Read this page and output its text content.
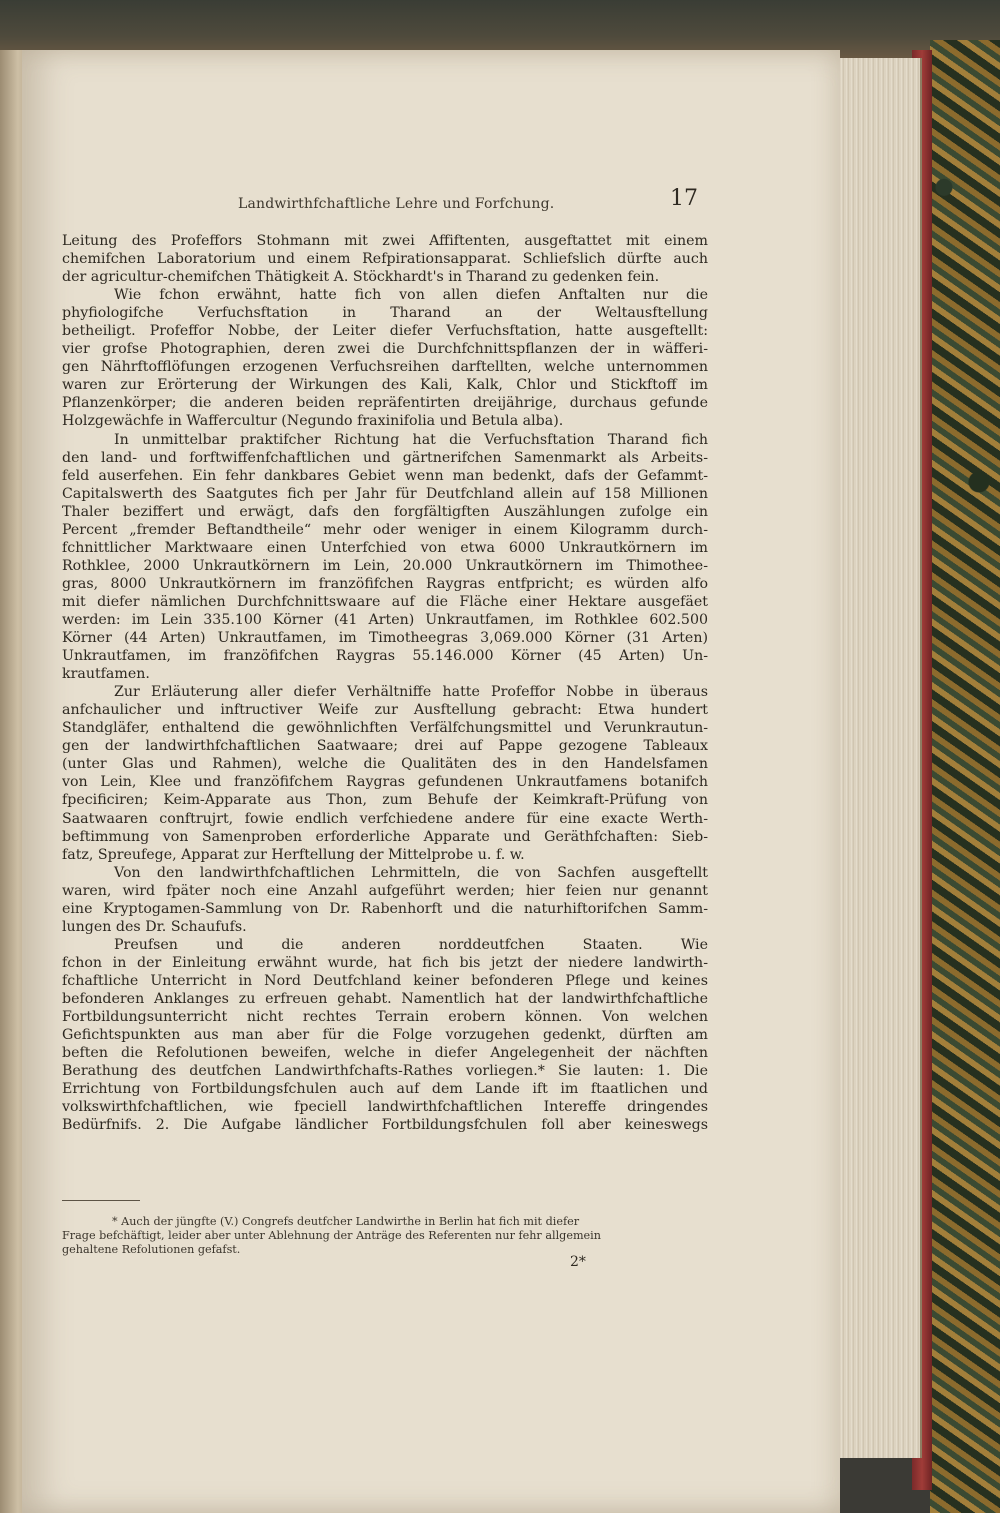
Landwirthfchaftliche Lehre und Forfchung.	17
Leitung des Profeffors Stohmann mit zwei Affiftenten, ausgeftattet mit einem
chemifchen Laboratorium und einem Refpirationsapparat. Schliefslich dürfte auch
der agricultur-chemifchen Thätigkeit A. Stöckhardt's in Tharand zu gedenken fein.
Wie fchon erwähnt, hatte fich von allen diefen Anftalten nur die
phyfiologifche Verfuchsftation in Tharand an der Weltausftellung
betheiligt. Profeffor Nobbe, der Leiter diefer Verfuchsftation, hatte ausgeftellt:
vier grofse Photographien, deren zwei die Durchfchnittspflanzen der in wäfferi-
gen Nährftofflöfungen erzogenen Verfuchsreihen darftellten, welche unternommen
waren zur Erörterung der Wirkungen des Kali, Kalk, Chlor und Stickftoff im
Pflanzenkörper; die anderen beiden repräfentirten dreijährige, durchaus gefunde
Holzgewächfe in Waffercultur (Negundo fraxinifolia und Betula alba).
In unmittelbar praktifcher Richtung hat die Verfuchsftation Tharand fich
den land- und forftwiffenfchaftlichen und gärtnerifchen Samenmarkt als Arbeits-
feld auserfehen. Ein fehr dankbares Gebiet wenn man bedenkt, dafs der Gefammt-
Capitalswerth des Saatgutes fich per Jahr für Deutfchland allein auf 158 Millionen
Thaler beziffert und erwägt, dafs den forgfältigften Auszählungen zufolge ein
Percent „fremder Beftandtheile“ mehr oder weniger in einem Kilogramm durch-
fchnittlicher Marktwaare einen Unterfchied von etwa 6000 Unkrautkörnern im
Rothklee, 2000 Unkrautkörnern im Lein, 20.000 Unkrautkörnern im Thimothee-
gras, 8000 Unkrautkörnern im franzöfifchen Raygras entfpricht; es würden alfo
mit diefer nämlichen Durchfchnittswaare auf die Fläche einer Hektare ausgefäet
werden: im Lein 335.100 Körner (41 Arten) Unkrautfamen, im Rothklee 602.500
Körner (44 Arten) Unkrautfamen, im Timotheegras 3,069.000 Körner (31 Arten)
Unkrautfamen, im franzöfifchen Raygras 55.146.000 Körner (45 Arten) Un-
krautfamen.
Zur Erläuterung aller diefer Verhältniffe hatte Profeffor Nobbe in überaus
anfchaulicher und inftructiver Weife zur Ausftellung gebracht: Etwa hundert
Standgläfer, enthaltend die gewöhnlichften Verfälfchungsmittel und Verunkrautun-
gen der landwirthfchaftlichen Saatwaare; drei auf Pappe gezogene Tableaux
(unter Glas und Rahmen), welche die Qualitäten des in den Handelsfamen
von Lein, Klee und franzöfifchem Raygras gefundenen Unkrautfamens botanifch
fpecificiren; Keim-Apparate aus Thon, zum Behufe der Keimkraft-Prüfung von
Saatwaaren conftrujrt, fowie endlich verfchiedene andere für eine exacte Werth-
beftimmung von Samenproben erforderliche Apparate und Geräthfchaften: Sieb-
fatz, Spreufege, Apparat zur Herftellung der Mittelprobe u. f. w.
Von den landwirthfchaftlichen Lehrmitteln, die von Sachfen ausgeftellt
waren, wird fpäter noch eine Anzahl aufgeführt werden; hier feien nur genannt
eine Kryptogamen-Sammlung von Dr. Rabenhorft und die naturhiftorifchen Samm-
lungen des Dr. Schaufufs.
Preufsen und die anderen norddeutfchen Staaten. Wie
fchon in der Einleitung erwähnt wurde, hat fich bis jetzt der niedere landwirth-
fchaftliche Unterricht in Nord Deutfchland keiner befonderen Pflege und keines
befonderen Anklanges zu erfreuen gehabt. Namentlich hat der landwirthfchaftliche
Fortbildungsunterricht nicht rechtes Terrain erobern können. Von welchen
Gefichtspunkten aus man aber für die Folge vorzugehen gedenkt, dürften am
beften die Refolutionen beweifen, welche in diefer Angelegenheit der nächften
Berathung des deutfchen Landwirthfchafts-Rathes vorliegen.* Sie lauten: 1. Die
Errichtung von Fortbildungsfchulen auch auf dem Lande ift im ftaatlichen und
volkswirthfchaftlichen, wie fpeciell landwirthfchaftlichen Intereffe dringendes
Bedürfnifs. 2. Die Aufgabe ländlicher Fortbildungsfchulen foll aber keineswegs
* Auch der jüngfte (V.) Congrefs deutfcher Landwirthe in Berlin hat fich mit diefer
Frage befchäftigt, leider aber unter Ablehnung der Anträge des Referenten nur fehr allgemein
gehaltene Refolutionen gefafst.
2*
